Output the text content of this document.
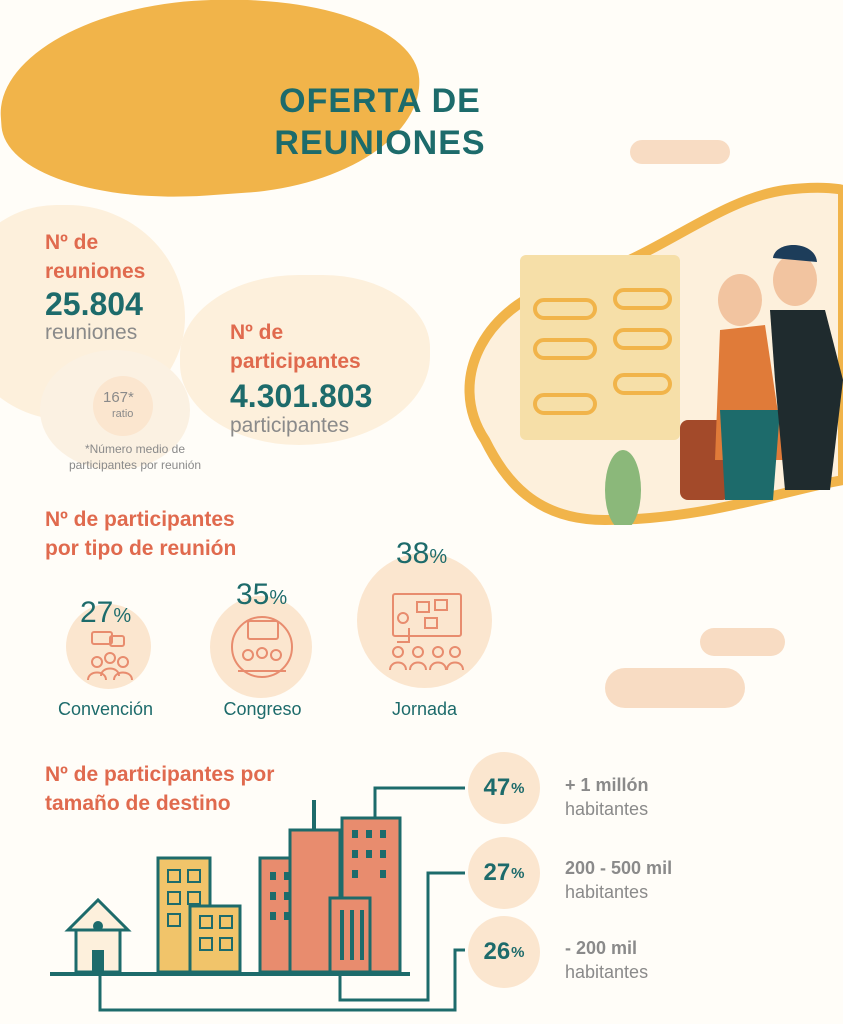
OFERTA DE
REUNIONES
Nº de
reuniones
25.804
reuniones
167*
ratio
*Número medio de
participantes por reunión
Nº de
participantes
4.301.803
participantes
Nº de participantes
por tipo de reunión
27%
Convención
35%
Congreso
38%
Jornada
Nº de participantes por
tamaño de destino
47 %
27 %
26 %
+ 1 millón
habitantes
200 - 500 mil
habitantes
- 200 mil
habitantes
